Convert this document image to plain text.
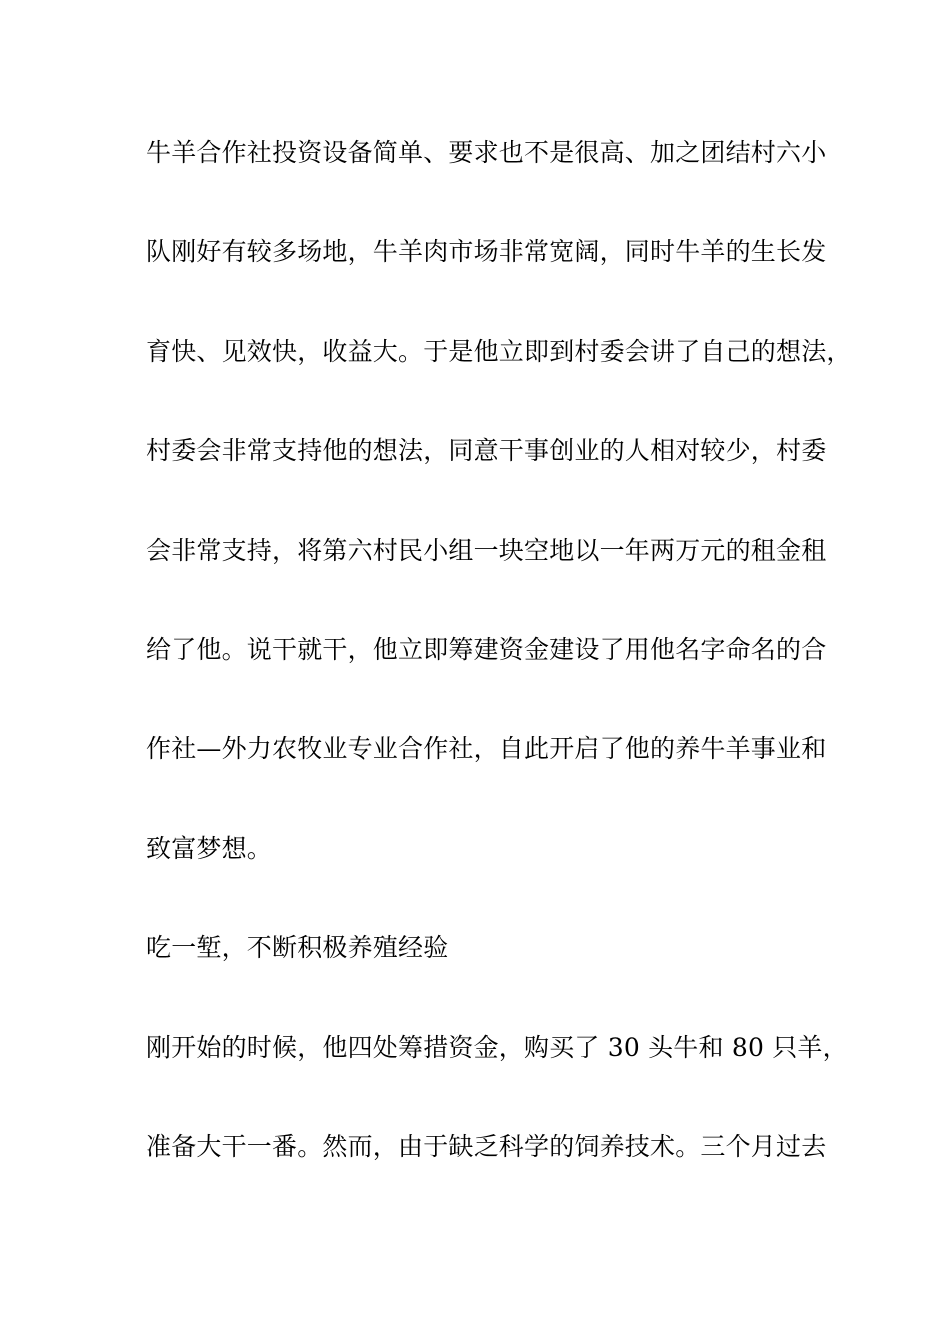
牛羊合作社投资设备简单、要求也不是很高、加之团结村六小
队刚好有较多场地，牛羊肉市场非常宽阔，同时牛羊的生长发
育快、见效快，收益大。于是他立即到村委会讲了自己的想法，
村委会非常支持他的想法，同意干事创业的人相对较少，村委
会非常支持，将第六村民小组一块空地以一年两万元的租金租
给了他。说干就干，他立即筹建资金建设了用他名字命名的合
作社—外力农牧业专业合作社，自此开启了他的养牛羊事业和
致富梦想。
吃一堑，不断积极养殖经验
刚开始的时候，他四处筹措资金，购买了 30 头牛和 80 只羊，
准备大干一番。然而，由于缺乏科学的饲养技术。三个月过去
